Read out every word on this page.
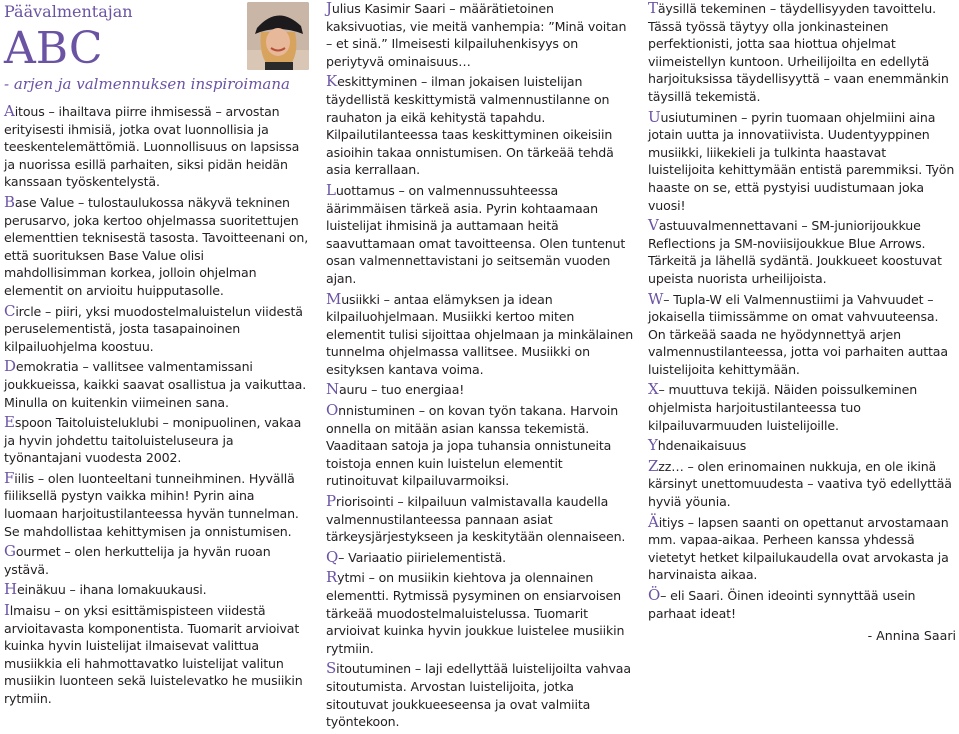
Päävalmentajan
ABC
- arjen ja valmennuksen inspiroimana

Aitous – ihailtava piirre ihmisessä – arvostan erityisesti ihmisiä, jotka ovat luonnollisia ja teeskentelemättömiä. Luonnollisuus on lapsissa ja nuorissa esillä parhaiten, siksi pidän heidän kanssaan työskentelystä.

Base Value – tulostaulukossa näkyvä tekninen perusarvo, joka kertoo ohjelmassa suoritettujen elementtien teknisestä tasosta. Tavoitteenani on, että suorituksen Base Value olisi mahdollisimman korkea, jolloin ohjelman elementit on arvioitu huipputasolle.

Circle – piiri, yksi muodostelmaluistelun viidestä peruselementistä, josta tasapainoinen kilpailuohjelma koostuu.

Demokratia – vallitsee valmentamissani joukkueissa, kaikki saavat osallistua ja vaikuttaa. Minulla on kuitenkin viimeinen sana.

Espoon Taitoluisteluklubi – monipuolinen, vakaa ja hyvin johdettu taitoluisteluseura ja työnantajani vuodesta 2002.

Fiilis – olen luonteeltani tunneihminen. Hyvällä fiiliksellä pystyn vaikka mihin! Pyrin aina luomaan harjoitustilanteessa hyvän tunnelman. Se mahdollistaa kehittymisen ja onnistumisen.

Gourmet – olen herkuttelija ja hyvän ruoan ystävä.

Heinäkuu – ihana lomakuukausi.

Ilmaisu – on yksi esittämispisteen viidestä arvioitavasta komponentista. Tuomarit arvioivat kuinka hyvin luistelijat ilmaisevat valittua musiikkia eli hahmottavatko luistelijat valitun musiikin luonteen sekä luistelevatko he musiikin rytmiin.

Julius Kasimir Saari – määrätietoinen kaksivuotias, vie meitä vanhempia: ”Minä voitan – et sinä.” Ilmeisesti kilpailuhenkisyys on periytyvä ominaisuus…

Keskittyminen – ilman jokaisen luistelijan täydellistä keskittymistä valmennustilanne on rauhaton ja eikä kehitystä tapahdu. Kilpailutilanteessa taas keskittyminen oikeisiin asioihin takaa onnistumisen. On tärkeää tehdä asia kerrallaan.

Luottamus – on valmennussuhteessa äärimmäisen tärkeä asia. Pyrin kohtaamaan luistelijat ihmisinä ja auttamaan heitä saavuttamaan omat tavoitteensa. Olen tuntenut osan valmennettavistani jo seitsemän vuoden ajan.

Musiikki – antaa elämyksen ja idean kilpailuohjelmaan. Musiikki kertoo miten elementit tulisi sijoittaa ohjelmaan ja minkälainen tunnelma ohjelmassa vallitsee. Musiikki on esityksen kantava voima.

Nauru – tuo energiaa!

Onnistuminen – on kovan työn takana. Harvoin onnella on mitään asian kanssa tekemistä. Vaaditaan satoja ja jopa tuhansia onnistuneita toistoja ennen kuin luistelun elementit rutinoituvat kilpailuvarmoiksi.

Priorisointi – kilpailuun valmistavalla kaudella valmennustilanteessa pannaan asiat tärkeysjärjestykseen ja keskitytään olennaiseen.

Q– Variaatio piirielementistä.

Rytmi – on musiikin kiehtova ja olennainen elementti. Rytmissä pysyminen on ensiarvoisen tärkeää muodostelmaluistelussa. Tuomarit arvioivat kuinka hyvin joukkue luistelee musiikin rytmiin.

Sitoutuminen – laji edellyttää luistelijoilta vahvaa sitoutumista. Arvostan luistelijoita, jotka sitoutuvat joukkueeseensa ja ovat valmiita työntekoon.

Täysillä tekeminen – täydellisyyden tavoittelu. Tässä työssä täytyy olla jonkinasteinen perfektionisti, jotta saa hiottua ohjelmat viimeistellyn kuntoon. Urheilijoilta en edellytä harjoituksissa täydellisyyttä – vaan enemmänkin täysillä tekemistä.

Uusiutuminen – pyrin tuomaan ohjelmiini aina jotain uutta ja innovatiivista. Uudentyyppinen musiikki, liikekieli ja tulkinta haastavat luistelijoita kehittymään entistä paremmiksi. Työn haaste on se, että pystyisi uudistumaan joka vuosi!

Vastuuvalmennettavani – SM-juniorijoukkue Reflections ja SM-noviisijoukkue Blue Arrows. Tärkeitä ja lähellä sydäntä. Joukkueet koostuvat upeista nuorista urheilijoista.

W– Tupla-W eli Valmennustiimi ja Vahvuudet – jokaisella tiimissämme on omat vahvuuteensa. On tärkeää saada ne hyödynnettyä arjen valmennustilanteessa, jotta voi parhaiten auttaa luistelijoita kehittymään.

X– muuttuva tekijä. Näiden poissulkeminen ohjelmista harjoitustilanteessa tuo kilpailuvarmuuden luistelijoille.

Yhdenaikaisuus

Zzz… – olen erinomainen nukkuja, en ole ikinä kärsinyt unettomuudesta – vaativa työ edellyttää hyviä yöunia.

Äitiys – lapsen saanti on opettanut arvostamaan mm. vapaa-aikaa. Perheen kanssa yhdessä vietetyt hetket kilpailukaudella ovat arvokasta ja harvinaista aikaa.

Ö– eli Saari. Öinen ideointi synnyttää usein parhaat ideat!

- Annina Saari
